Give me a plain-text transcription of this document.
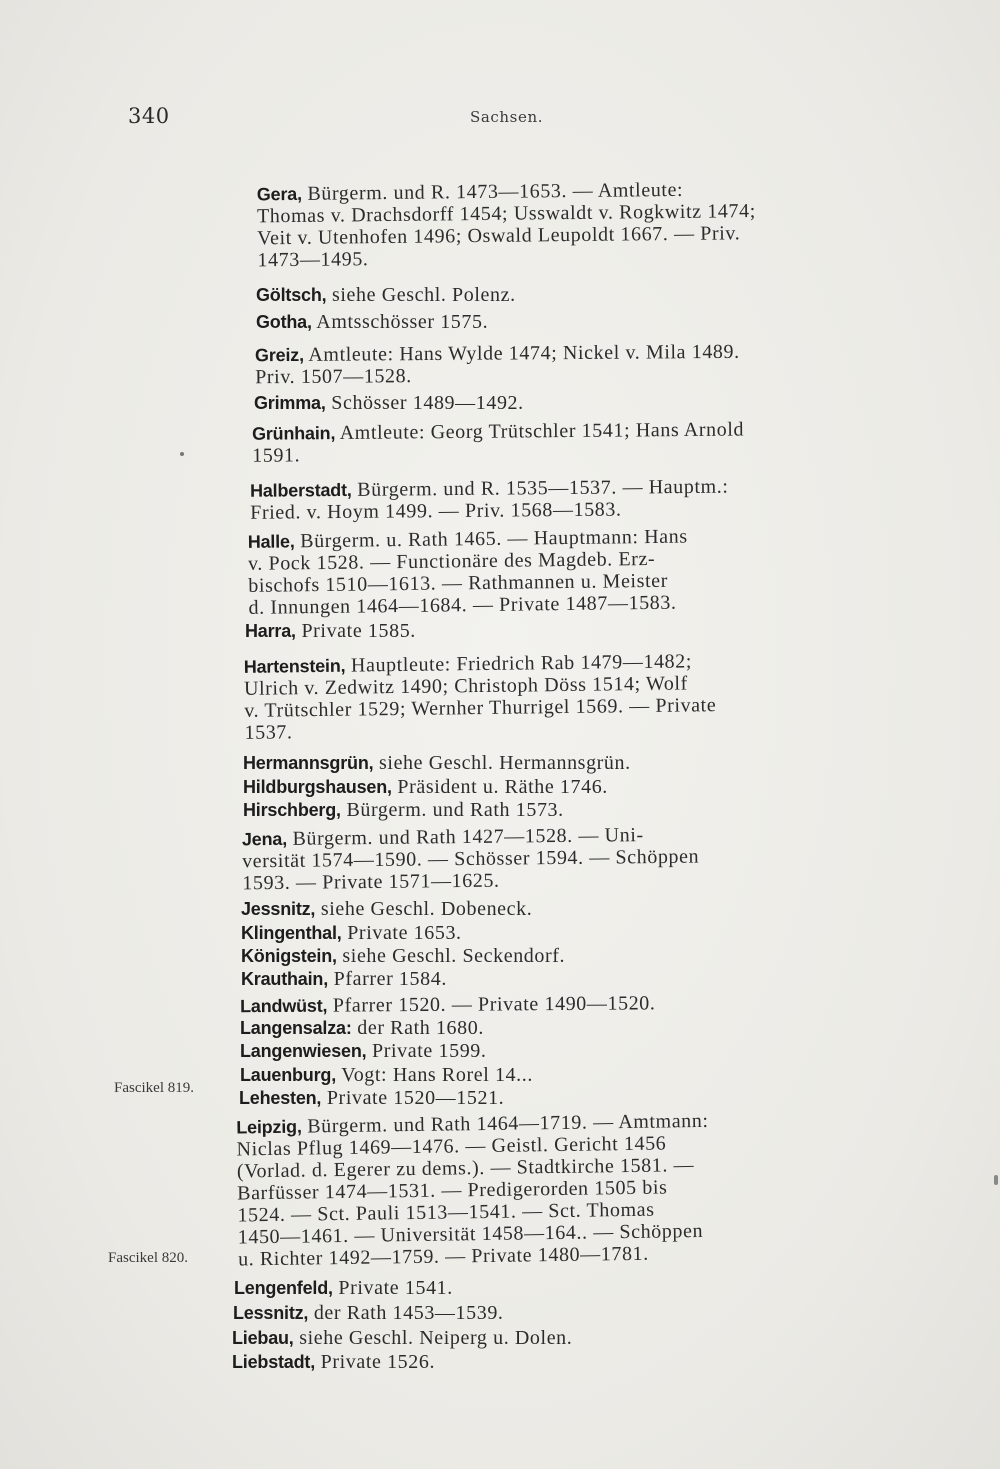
340	Sachsen.

Gera, Bürgerm. und R. 1473—1653. — Amtleute:
Thomas v. Drachsdorff 1454; Usswaldt v. Rogkwitz 1474;
Veit v. Utenhofen 1496; Oswald Leupoldt 1667. — Priv.
1473—1495.

Göltsch, siehe Geschl. Polenz.

Gotha, Amtsschösser 1575.

Greiz, Amtleute: Hans Wylde 1474; Nickel v. Mila 1489.
Priv. 1507—1528.

Grimma, Schösser 1489—1492.

Grünhain, Amtleute: Georg Trütschler 1541; Hans Arnold
1591.

Halberstadt, Bürgerm. und R. 1535—1537. — Hauptm.:
Fried. v. Hoym 1499. — Priv. 1568—1583.

Halle, Bürgerm. u. Rath 1465. — Hauptmann: Hans
v. Pock 1528. — Functionäre des Magdeb. Erz-
bischofs 1510—1613. — Rathmannen u. Meister
d. Innungen 1464—1684. — Private 1487—1583.

Harra, Private 1585.

Hartenstein, Hauptleute: Friedrich Rab 1479—1482;
Ulrich v. Zedwitz 1490; Christoph Döss 1514; Wolf
v. Trütschler 1529; Wernher Thurrigel 1569. — Private
1537.

Hermannsgrün, siehe Geschl. Hermannsgrün.

Hildburgshausen, Präsident u. Räthe 1746.

Hirschberg, Bürgerm. und Rath 1573.

Jena, Bürgerm. und Rath 1427—1528. — Uni-
versität 1574—1590. — Schösser 1594. — Schöppen
1593. — Private 1571—1625.

Jessnitz, siehe Geschl. Dobeneck.

Klingenthal, Private 1653.

Königstein, siehe Geschl. Seckendorf.

Krauthain, Pfarrer 1584.

Landwüst, Pfarrer 1520. — Private 1490—1520.

Langensalza: der Rath 1680.

Langenwiesen, Private 1599.

Lauenburg, Vogt: Hans Rorel 14...

Lehesten, Private 1520—1521.

Leipzig, Bürgerm. und Rath 1464—1719. — Amtmann:
Niclas Pflug 1469—1476. — Geistl. Gericht 1456
(Vorlad. d. Egerer zu dems.). — Stadtkirche 1581. —
Barfüsser 1474—1531. — Predigerorden 1505 bis
1524. — Sct. Pauli 1513—1541. — Sct. Thomas
1450—1461. — Universität 1458—164.. — Schöppen
u. Richter 1492—1759. — Private 1480—1781.

Lengenfeld, Private 1541.

Lessnitz, der Rath 1453—1539.

Liebau, siehe Geschl. Neiperg u. Dolen.

Liebstadt, Private 1526.

Fascikel 819.
Fascikel 820.
